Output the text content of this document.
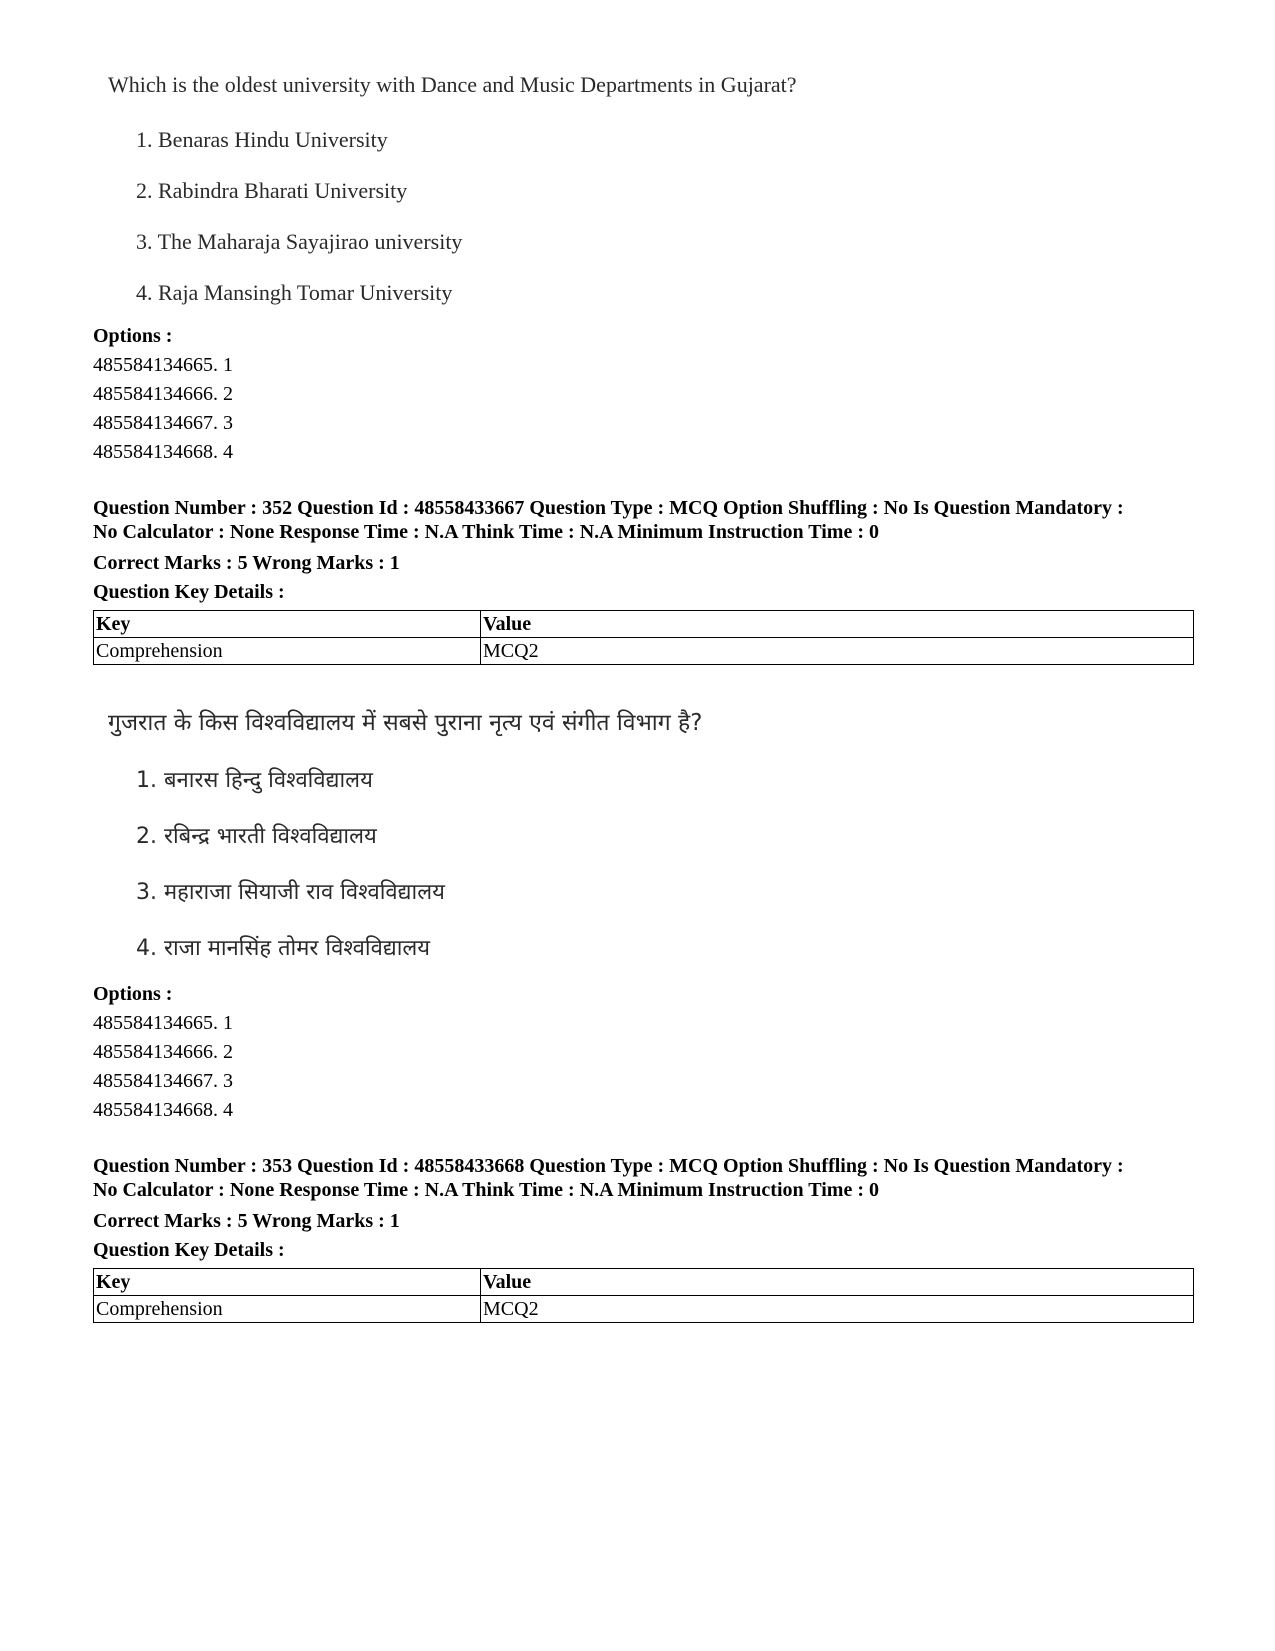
Which is the oldest university with Dance and Music Departments in Gujarat?
1. Benaras Hindu University
2. Rabindra Bharati University
3. The Maharaja Sayajirao university
4. Raja Mansingh Tomar University
Options :
485584134665. 1
485584134666. 2
485584134667. 3
485584134668. 4
Question Number : 352 Question Id : 48558433667 Question Type : MCQ Option Shuffling : No Is Question Mandatory :
No Calculator : None Response Time : N.A Think Time : N.A Minimum Instruction Time : 0
Correct Marks : 5 Wrong Marks : 1
Question Key Details :
Key	Value
Comprehension	MCQ2
गुजरात के किस विश्वविद्यालय में सबसे पुराना नृत्य एवं संगीत विभाग है?
1. बनारस हिन्दु विश्वविद्यालय
2. रबिन्द्र भारती विश्वविद्यालय
3. महाराजा सियाजी राव विश्वविद्यालय
4. राजा मानसिंह तोमर विश्वविद्यालय
Options :
485584134665. 1
485584134666. 2
485584134667. 3
485584134668. 4
Question Number : 353 Question Id : 48558433668 Question Type : MCQ Option Shuffling : No Is Question Mandatory :
No Calculator : None Response Time : N.A Think Time : N.A Minimum Instruction Time : 0
Correct Marks : 5 Wrong Marks : 1
Question Key Details :
Key	Value
Comprehension	MCQ2
